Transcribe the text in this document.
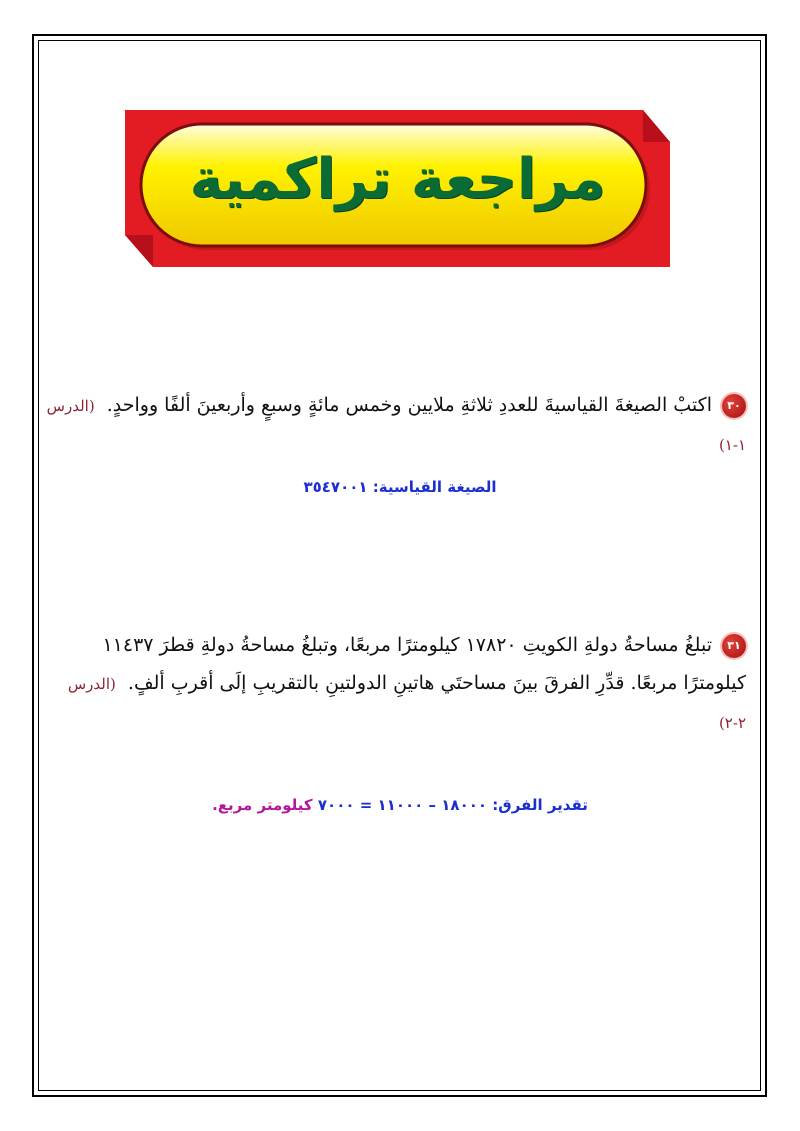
مراجعة تراكمية
٣٠اكتبْ الصيغةَ القياسيةَ للعددِ ثلاثةِ ملايين وخمس مائةٍ وسبعٍ وأربعينَ ألفًا وواحدٍ. (الدرس ١-١)
الصيغة القياسية: ٣٥٤٧٠٠١
٣١تبلغُ مساحةُ دولةِ الكويتِ ١٧٨٢٠ كيلومترًا مربعًا، وتبلغُ مساحةُ دولةِ قطرَ ١١٤٣٧ كيلومترًا مربعًا. قدِّرِ الفرقَ بينَ مساحتَي هاتينِ الدولتينِ بالتقريبِ إلَى أقربِ ألفٍ. (الدرس ٢-٢)
تقدير الفرق: ١٨٠٠٠ – ١١٠٠٠ = ٧٠٠٠ كيلومتر مربع.
